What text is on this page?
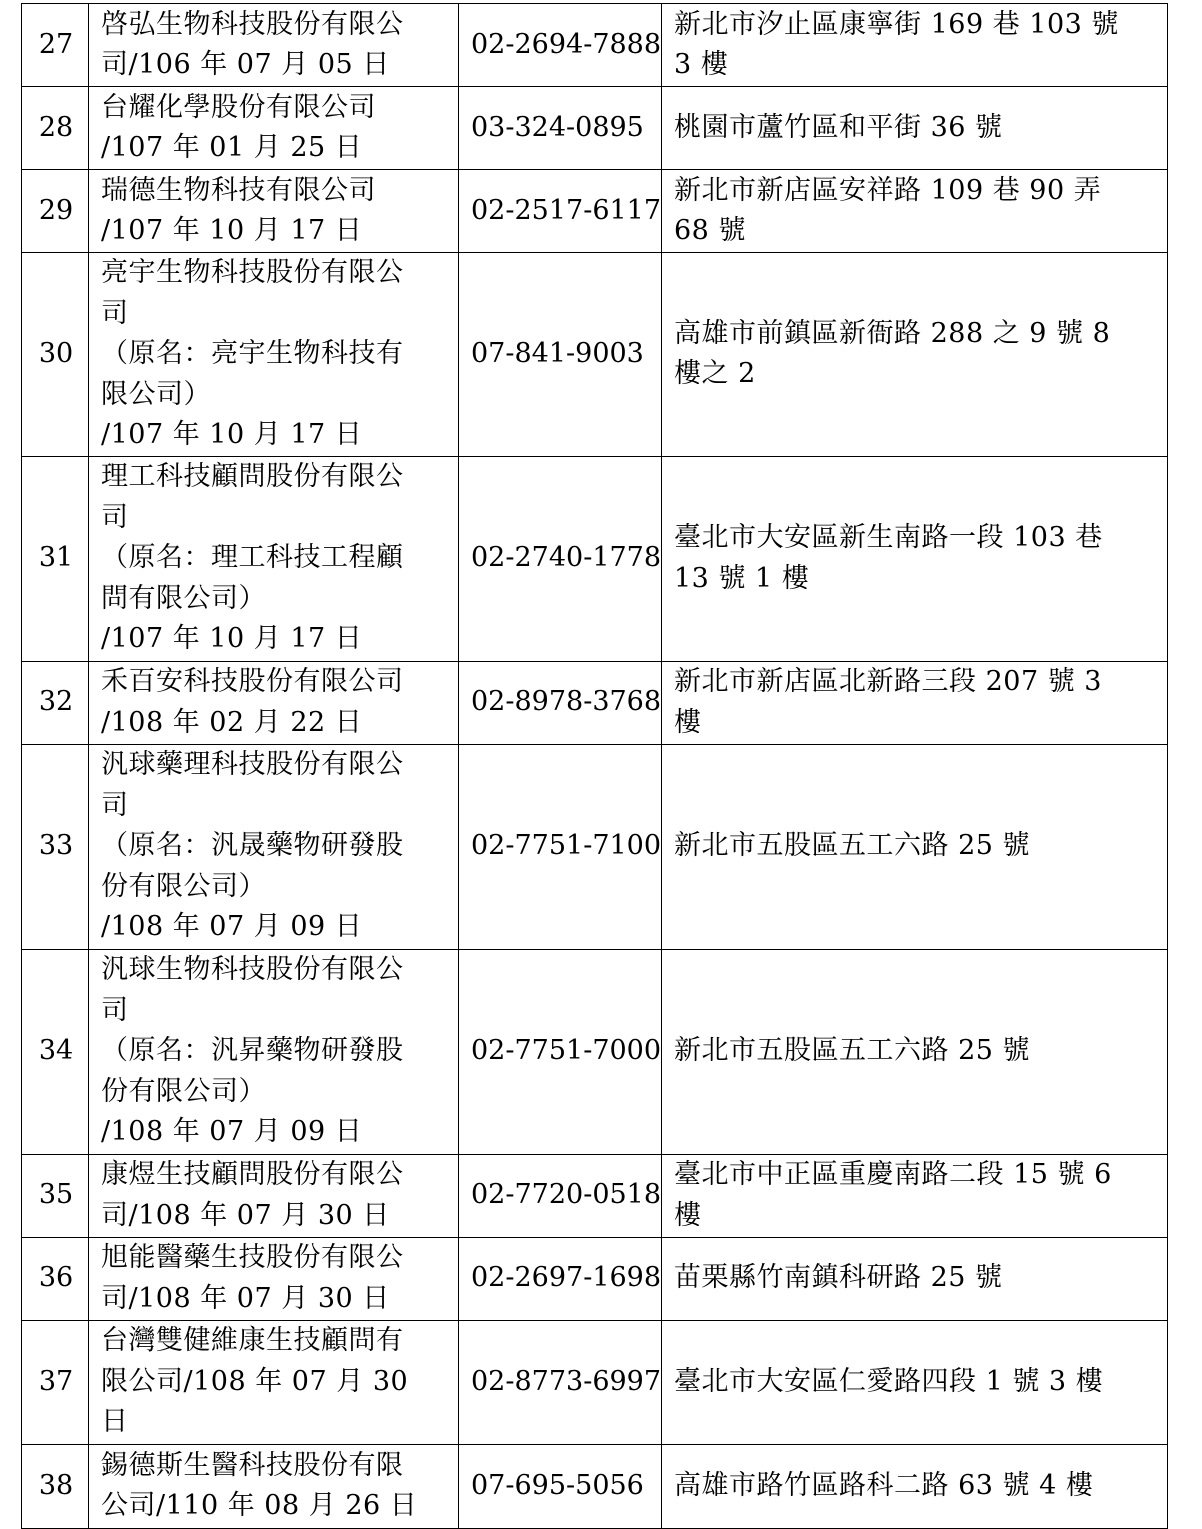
27	啓弘生物科技股份有限公
司/106 年 07 月 05 日	02-2694-7888	新北市汐止區康寧街 169 巷 103 號
3 樓

28	台耀化學股份有限公司
/107 年 01 月 25 日	03-324-0895	桃園市蘆竹區和平街 36 號

29	瑞德生物科技有限公司
/107 年 10 月 17 日	02-2517-6117	新北市新店區安祥路 109 巷 90 弄
68 號

30	亮宇生物科技股份有限公
司
（原名：亮宇生物科技有
限公司）
/107 年 10 月 17 日	07-841-9003	高雄市前鎮區新衙路 288 之 9 號 8
樓之 2

31	理工科技顧問股份有限公
司
（原名：理工科技工程顧
問有限公司）
/107 年 10 月 17 日	02-2740-1778	臺北市大安區新生南路一段 103 巷
13 號 1 樓

32	禾百安科技股份有限公司
/108 年 02 月 22 日	02-8978-3768	新北市新店區北新路三段 207 號 3
樓

33	汎球藥理科技股份有限公
司
（原名：汎晟藥物研發股
份有限公司）
/108 年 07 月 09 日	02-7751-7100	新北市五股區五工六路 25 號

34	汎球生物科技股份有限公
司
（原名：汎昇藥物研發股
份有限公司）
/108 年 07 月 09 日	02-7751-7000	新北市五股區五工六路 25 號

35	康煜生技顧問股份有限公
司/108 年 07 月 30 日	02-7720-0518	臺北市中正區重慶南路二段 15 號 6
樓

36	旭能醫藥生技股份有限公
司/108 年 07 月 30 日	02-2697-1698	苗栗縣竹南鎮科研路 25 號

37	台灣雙健維康生技顧問有
限公司/108 年 07 月 30
日	02-8773-6997	臺北市大安區仁愛路四段 1 號 3 樓

38	錫德斯生醫科技股份有限
公司/110 年 08 月 26 日	07-695-5056	高雄市路竹區路科二路 63 號 4 樓
